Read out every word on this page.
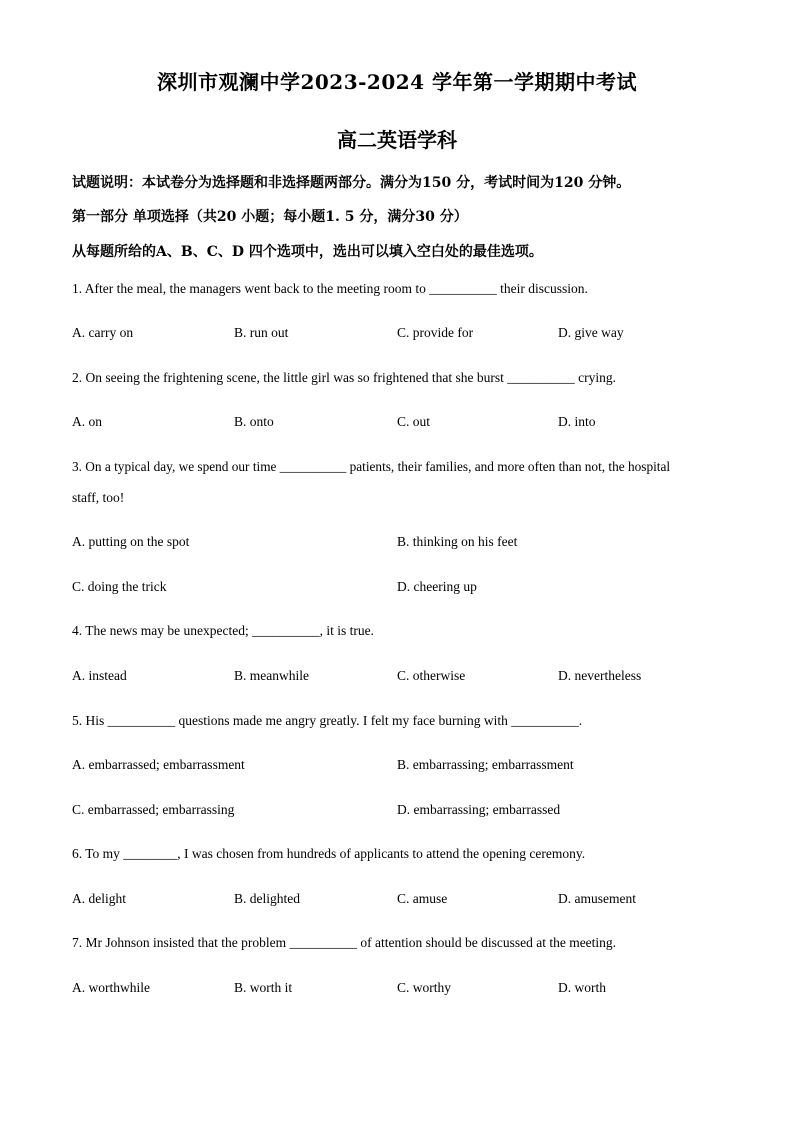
深圳市观澜中学2023-2024 学年第一学期期中考试
高二英语学科
试题说明：本试卷分为选择题和非选择题两部分。满分为150 分，考试时间为120 分钟。
第一部分 单项选择（共20 小题；每小题1. 5 分，满分30 分）
从每题所给的A、B、C、D 四个选项中，选出可以填入空白处的最佳选项。
1. After the meal, the managers went back to the meeting room to __________ their discussion.
A. carry on	B. run out	C. provide for	D. give way
2. On seeing the frightening scene, the little girl was so frightened that she burst __________ crying.
A. on	B. onto	C. out	D. into
3. On a typical day, we spend our time __________ patients, their families, and more often than not, the hospital
staff, too!
A. putting on the spot	B. thinking on his feet
C. doing the trick	D. cheering up
4. The news may be unexpected; __________, it is true.
A. instead	B. meanwhile	C. otherwise	D. nevertheless
5. His __________ questions made me angry greatly. I felt my face burning with __________.
A. embarrassed; embarrassment	B. embarrassing; embarrassment
C. embarrassed; embarrassing	D. embarrassing; embarrassed
6. To my ________, I was chosen from hundreds of applicants to attend the opening ceremony.
A. delight	B. delighted	C. amuse	D. amusement
7. Mr Johnson insisted that the problem __________ of attention should be discussed at the meeting.
A. worthwhile	B. worth it	C. worthy	D. worth
